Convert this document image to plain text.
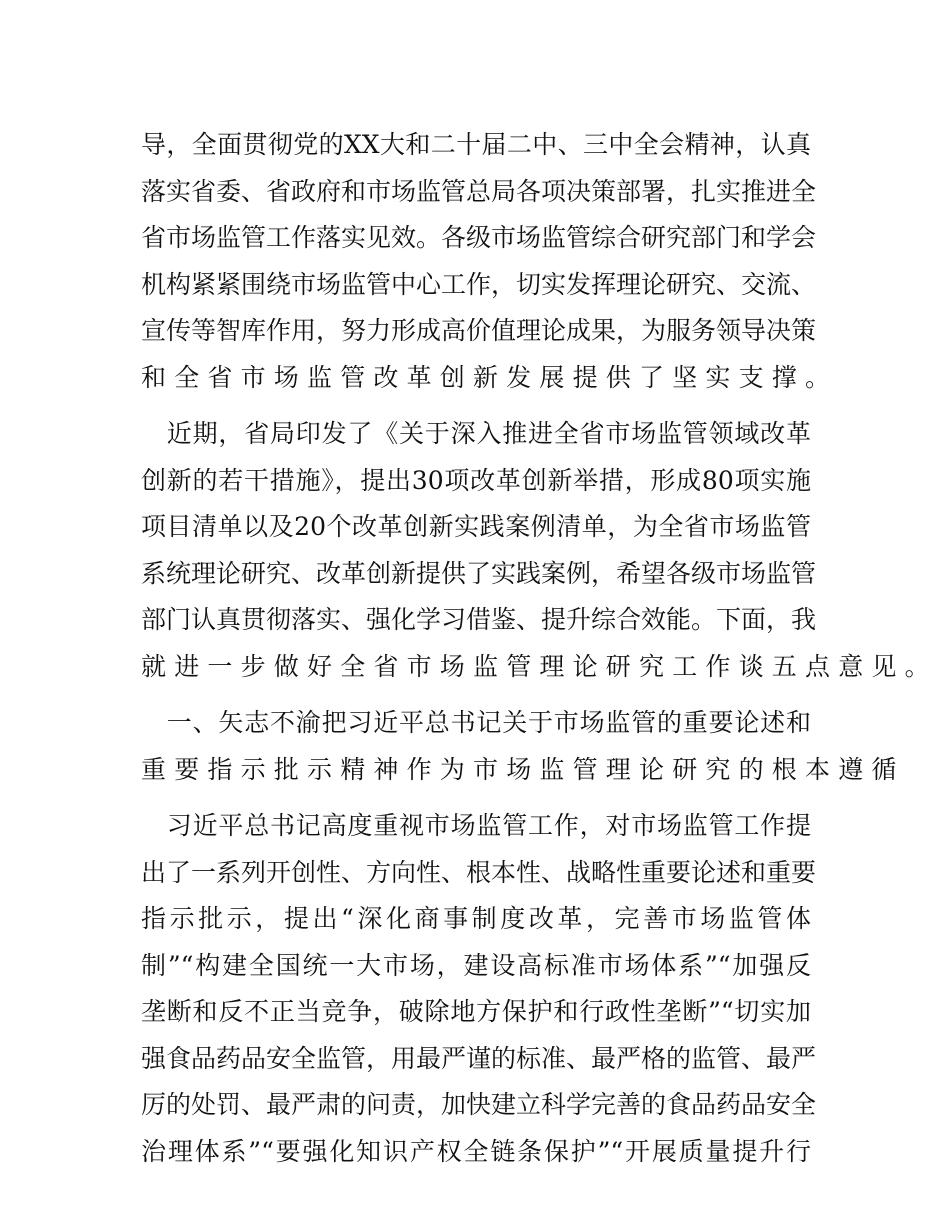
导，全面贯彻党的XX大和二十届二中、三中全会精神，认真
落实省委、省政府和市场监管总局各项决策部署，扎实推进全
省市场监管工作落实见效。各级市场监管综合研究部门和学会
机构紧紧围绕市场监管中心工作，切实发挥理论研究、交流、
宣传等智库作用，努力形成高价值理论成果，为服务领导决策
和全省市场监管改革创新发展提供了坚实支撑。
　近期，省局印发了《关于深入推进全省市场监管领域改革
创新的若干措施》，提出30项改革创新举措，形成80项实施
项目清单以及20个改革创新实践案例清单，为全省市场监管
系统理论研究、改革创新提供了实践案例，希望各级市场监管
部门认真贯彻落实、强化学习借鉴、提升综合效能。下面，我
就进一步做好全省市场监管理论研究工作谈五点意见。
　一、矢志不渝把习近平总书记关于市场监管的重要论述和
重要指示批示精神作为市场监管理论研究的根本遵循
　习近平总书记高度重视市场监管工作，对市场监管工作提
出了一系列开创性、方向性、根本性、战略性重要论述和重要
指示批示，提出“深化商事制度改革，完善市场监管体
制”“构建全国统一大市场，建设高标准市场体系”“加强反
垄断和反不正当竞争，破除地方保护和行政性垄断”“切实加
强食品药品安全监管，用最严谨的标准、最严格的监管、最严
厉的处罚、最严肃的问责，加快建立科学完善的食品药品安全
治理体系”“要强化知识产权全链条保护”“开展质量提升行
